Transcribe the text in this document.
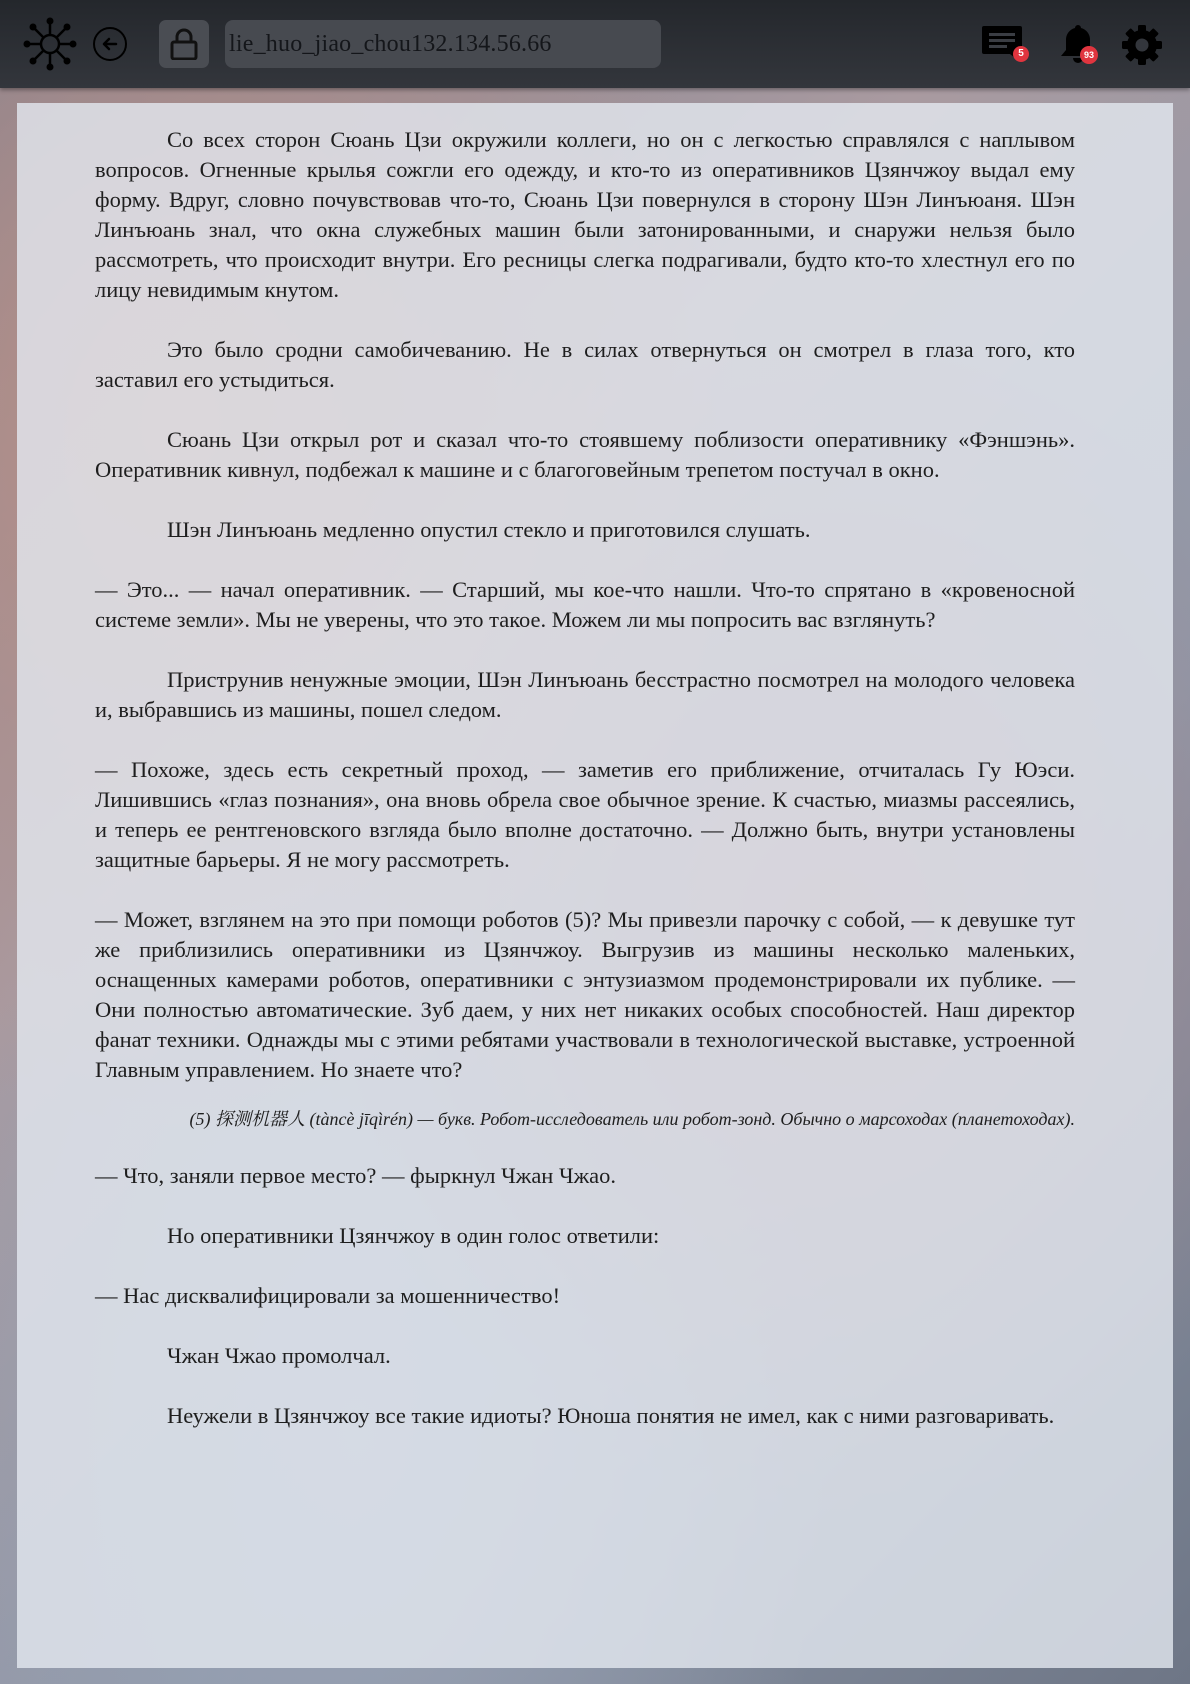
lie_huo_jiao_chou132.134.56.66	5	93

Со всех сторон Сюань Цзи окружили коллеги, но он с легкостью справлялся с наплывом вопросов. Огненные крылья сожгли его одежду, и кто-то из оперативников Цзянчжоу выдал ему форму. Вдруг, словно почувствовав что-то, Сюань Цзи повернулся в сторону Шэн Линъюаня. Шэн Линъюань знал, что окна служебных машин были затонированными, и снаружи нельзя было рассмотреть, что происходит внутри. Его ресницы слегка подрагивали, будто кто-то хлестнул его по лицу невидимым кнутом.

Это было сродни самобичеванию. Не в силах отвернуться он смотрел в глаза того, кто заставил его устыдиться.

Сюань Цзи открыл рот и сказал что-то стоявшему поблизости оперативнику «Фэншэнь». Оперативник кивнул, подбежал к машине и с благоговейным трепетом постучал в окно.

Шэн Линъюань медленно опустил стекло и приготовился слушать.

— Это... — начал оперативник. — Старший, мы кое-что нашли. Что-то спрятано в «кровеносной системе земли». Мы не уверены, что это такое. Можем ли мы попросить вас взглянуть?

Приструнив ненужные эмоции, Шэн Линъюань бесстрастно посмотрел на молодого человека и, выбравшись из машины, пошел следом.

— Похоже, здесь есть секретный проход, — заметив его приближение, отчиталась Гу Юэси. Лишившись «глаз познания», она вновь обрела свое обычное зрение. К счастью, миазмы рассеялись, и теперь ее рентгеновского взгляда было вполне достаточно. — Должно быть, внутри установлены защитные барьеры. Я не могу рассмотреть.

— Может, взглянем на это при помощи роботов (5)? Мы привезли парочку с собой, — к девушке тут же приблизились оперативники из Цзянчжоу. Выгрузив из машины несколько маленьких, оснащенных камерами роботов, оперативники с энтузиазмом продемонстрировали их публике. — Они полностью автоматические. Зуб даем, у них нет никаких особых способностей. Наш директор фанат техники. Однажды мы с этими ребятами участвовали в технологической выставке, устроенной Главным управлением. Но знаете что?

(5) 探测机器人 (tàncè jīqìrén) — букв. Робот-исследователь или робот-зонд. Обычно о марсоходах (планетоходах).

— Что, заняли первое место? — фыркнул Чжан Чжао.

Но оперативники Цзянчжоу в один голос ответили:

— Нас дисквалифицировали за мошенничество!

Чжан Чжао промолчал.

Неужели в Цзянчжоу все такие идиоты? Юноша понятия не имел, как с ними разговаривать.
